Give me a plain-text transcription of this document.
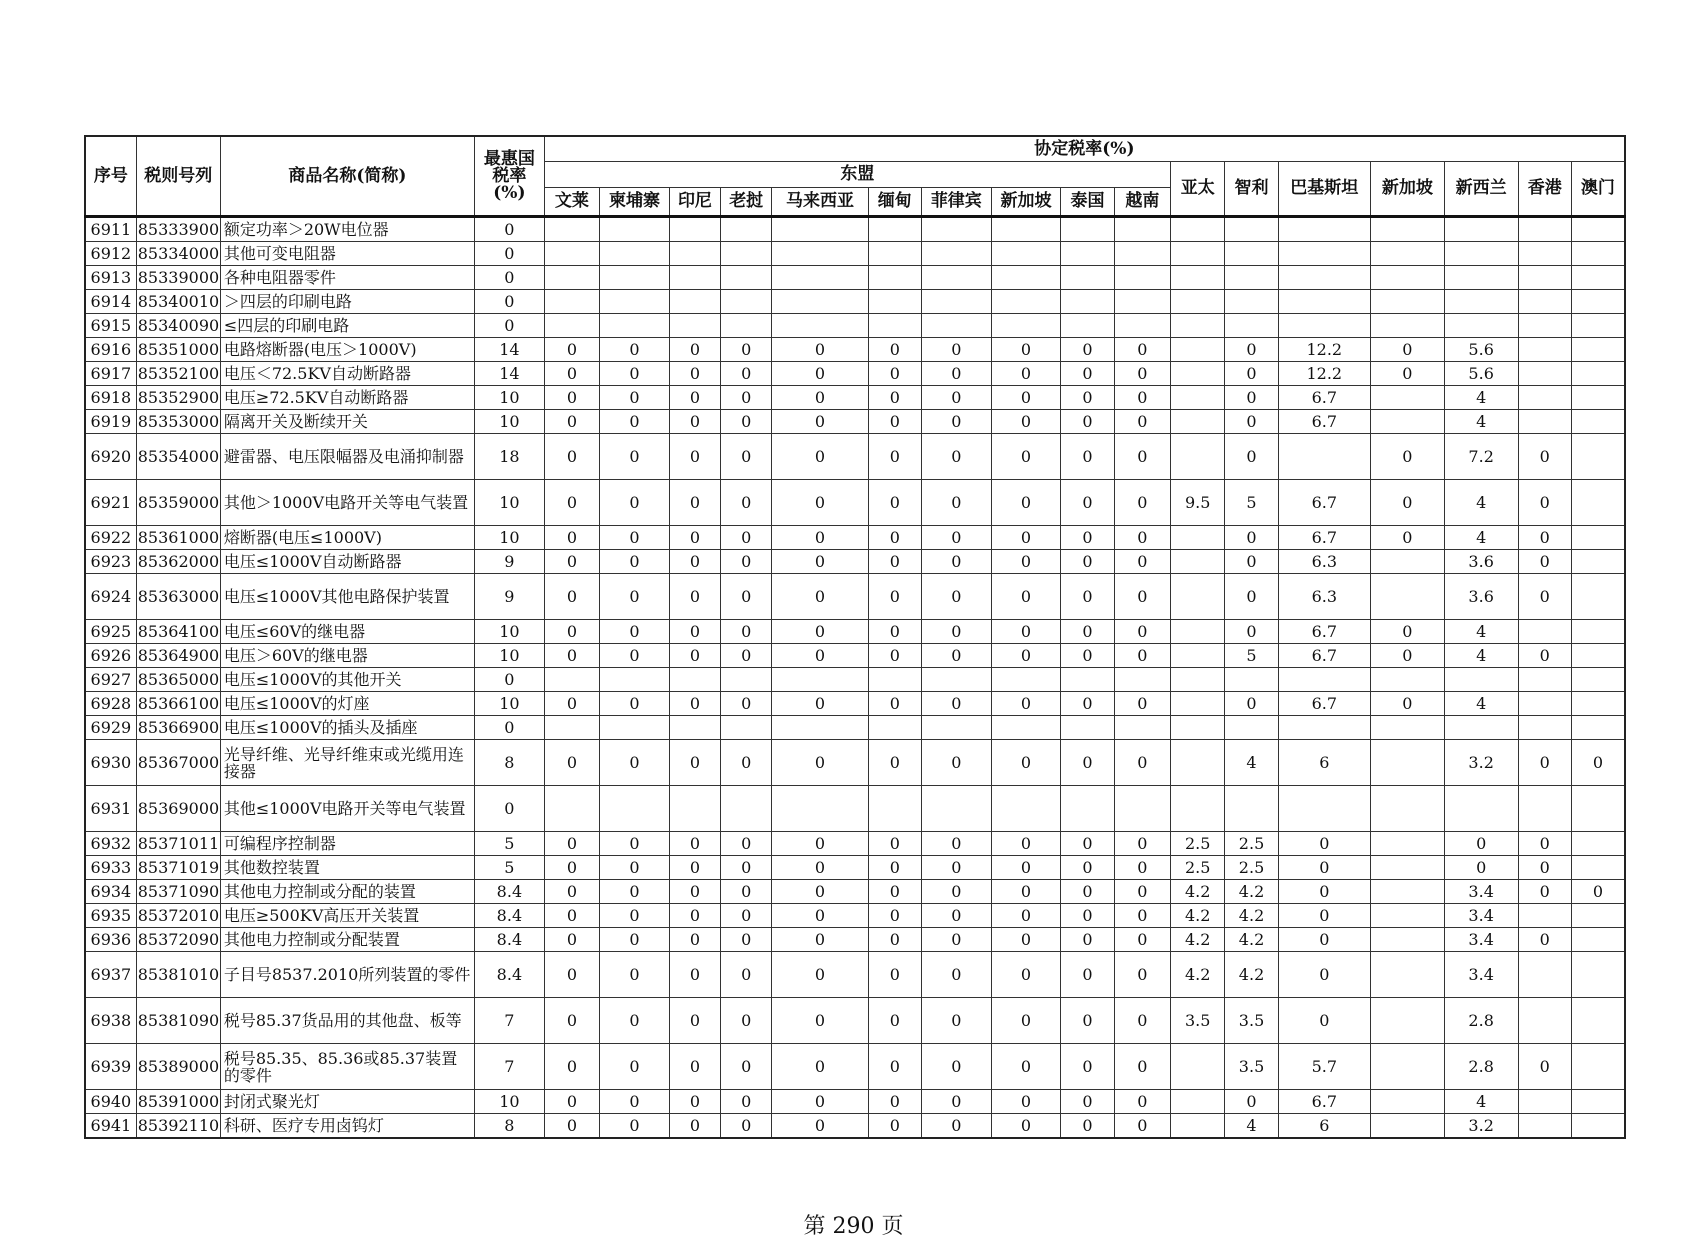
序号	税则号列	商品名称(简称)	最惠国
税率
(%)	协定税率(%)																
				东盟										亚太	智利	巴基斯坦	新加坡	新西兰	香港	澳门
				文莱	柬埔寨	印尼	老挝	马来西亚	缅甸	菲律宾	新加坡	泰国	越南							
6911	85333900	额定功率＞20W电位器	0																	
6912	85334000	其他可变电阻器	0																	
6913	85339000	各种电阻器零件	0																	
6914	85340010	＞四层的印刷电路	0																	
6915	85340090	≤四层的印刷电路	0																	
6916	85351000	电路熔断器(电压＞1000V)	14	0	0	0	0	0	0	0	0	0	0		0	12.2	0	5.6		
6917	85352100	电压＜72.5KV自动断路器	14	0	0	0	0	0	0	0	0	0	0		0	12.2	0	5.6		
6918	85352900	电压≥72.5KV自动断路器	10	0	0	0	0	0	0	0	0	0	0		0	6.7		4		
6919	85353000	隔离开关及断续开关	10	0	0	0	0	0	0	0	0	0	0		0	6.7		4		
6920	85354000	避雷器、电压限幅器及电涌抑制器	18	0	0	0	0	0	0	0	0	0	0		0		0	7.2	0	
6921	85359000	其他＞1000V电路开关等电气装置	10	0	0	0	0	0	0	0	0	0	0	9.5	5	6.7	0	4	0	
6922	85361000	熔断器(电压≤1000V)	10	0	0	0	0	0	0	0	0	0	0		0	6.7	0	4	0	
6923	85362000	电压≤1000V自动断路器	9	0	0	0	0	0	0	0	0	0	0		0	6.3		3.6	0	
6924	85363000	电压≤1000V其他电路保护装置	9	0	0	0	0	0	0	0	0	0	0		0	6.3		3.6	0	
6925	85364100	电压≤60V的继电器	10	0	0	0	0	0	0	0	0	0	0		0	6.7	0	4		
6926	85364900	电压＞60V的继电器	10	0	0	0	0	0	0	0	0	0	0		5	6.7	0	4	0	
6927	85365000	电压≤1000V的其他开关	0																	
6928	85366100	电压≤1000V的灯座	10	0	0	0	0	0	0	0	0	0	0		0	6.7	0	4		
6929	85366900	电压≤1000V的插头及插座	0																	
6930	85367000	光导纤维、光导纤维束或光缆用连接器	8	0	0	0	0	0	0	0	0	0	0		4	6		3.2	0	0
6931	85369000	其他≤1000V电路开关等电气装置	0																	
6932	85371011	可编程序控制器	5	0	0	0	0	0	0	0	0	0	0	2.5	2.5	0		0	0	
6933	85371019	其他数控装置	5	0	0	0	0	0	0	0	0	0	0	2.5	2.5	0		0	0	
6934	85371090	其他电力控制或分配的装置	8.4	0	0	0	0	0	0	0	0	0	0	4.2	4.2	0		3.4	0	0
6935	85372010	电压≥500KV高压开关装置	8.4	0	0	0	0	0	0	0	0	0	0	4.2	4.2	0		3.4		
6936	85372090	其他电力控制或分配装置	8.4	0	0	0	0	0	0	0	0	0	0	4.2	4.2	0		3.4	0	
6937	85381010	子目号8537.2010所列装置的零件	8.4	0	0	0	0	0	0	0	0	0	0	4.2	4.2	0		3.4		
6938	85381090	税号85.37货品用的其他盘、板等	7	0	0	0	0	0	0	0	0	0	0	3.5	3.5	0		2.8		
6939	85389000	税号85.35、85.36或85.37装置的零件	7	0	0	0	0	0	0	0	0	0	0		3.5	5.7		2.8	0	
6940	85391000	封闭式聚光灯	10	0	0	0	0	0	0	0	0	0	0		0	6.7		4		
6941	85392110	科研、医疗专用卤钨灯	8	0	0	0	0	0	0	0	0	0	0		4	6		3.2		
第 290 页
